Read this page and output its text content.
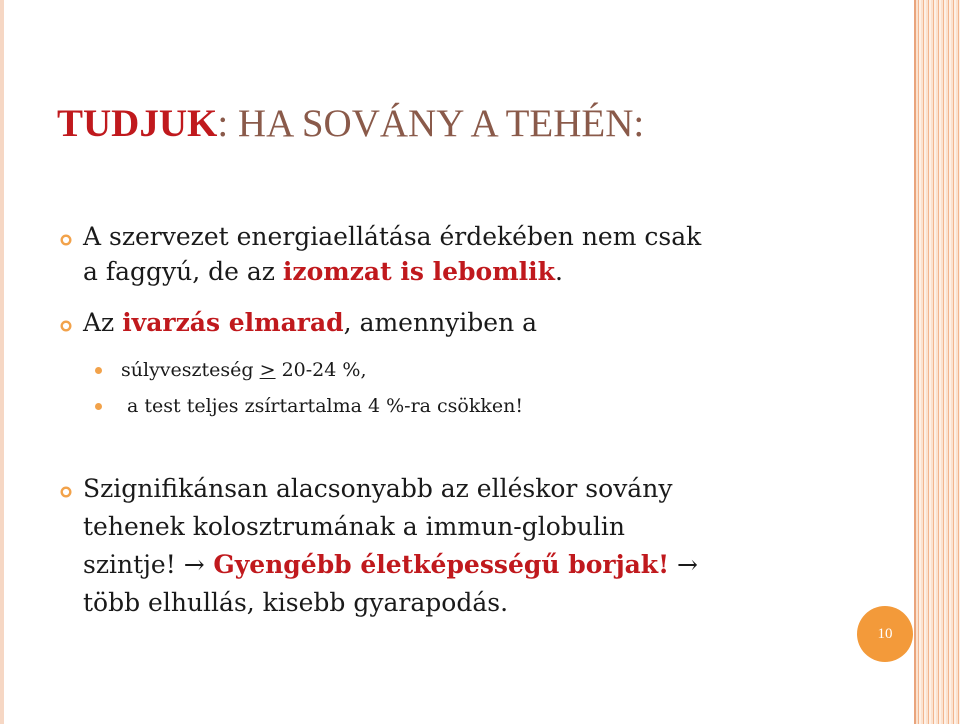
TUDJUK: HA SOVÁNY A TEHÉN:
A szervezet energiaellátása érdekében nem csak
a faggyú, de az izomzat is lebomlik.
Az ivarzás elmarad, amennyiben a
súlyveszteség ≥ 20-24 %,
a test teljes zsírtartalma 4 %-ra csökken!
Szignifikánsan alacsonyabb az elléskor sovány
tehenek kolosztrumának a immun-globulin
szintje! → Gyengébb életképességű borjak! →
több elhullás, kisebb gyarapodás.
10
